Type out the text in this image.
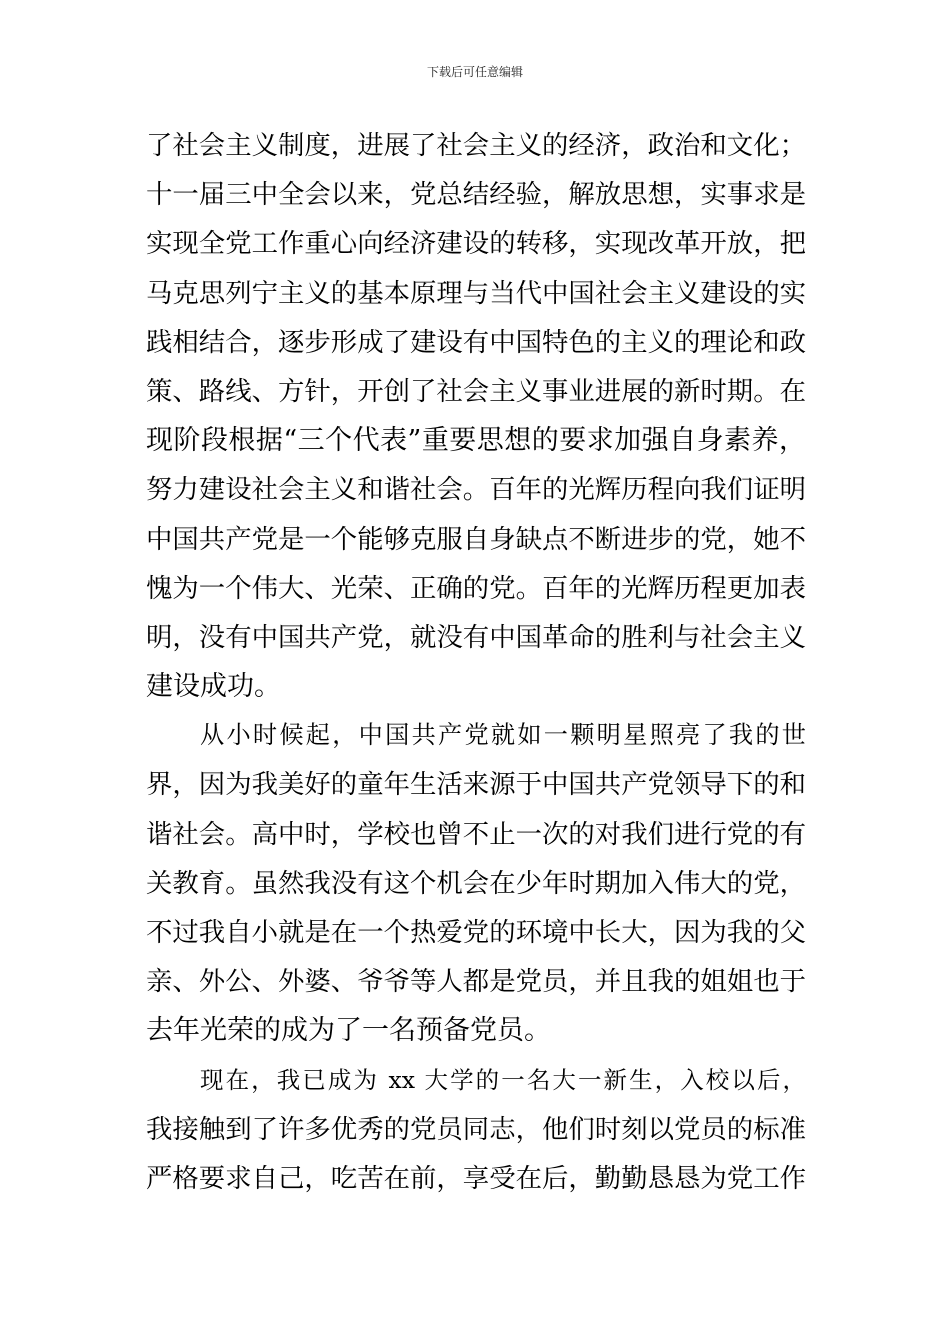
下载后可任意编辑
了社会主义制度，进展了社会主义的经济，政治和文化；
十一届三中全会以来，党总结经验，解放思想，实事求是
实现全党工作重心向经济建设的转移，实现改革开放，把
马克思列宁主义的基本原理与当代中国社会主义建设的实
践相结合，逐步形成了建设有中国特色的主义的理论和政
策、路线、方针，开创了社会主义事业进展的新时期。在
现阶段根据“三个代表”重要思想的要求加强自身素养，
努力建设社会主义和谐社会。百年的光辉历程向我们证明
中国共产党是一个能够克服自身缺点不断进步的党，她不
愧为一个伟大、光荣、正确的党。百年的光辉历程更加表
明，没有中国共产党，就没有中国革命的胜利与社会主义
建设成功。
从小时候起，中国共产党就如一颗明星照亮了我的世
界，因为我美好的童年生活来源于中国共产党领导下的和
谐社会。高中时，学校也曾不止一次的对我们进行党的有
关教育。虽然我没有这个机会在少年时期加入伟大的党，
不过我自小就是在一个热爱党的环境中长大，因为我的父
亲、外公、外婆、爷爷等人都是党员，并且我的姐姐也于
去年光荣的成为了一名预备党员。
现在，我已成为 xx 大学的一名大一新生，入校以后，
我接触到了许多优秀的党员同志，他们时刻以党员的标准
严格要求自己，吃苦在前，享受在后，勤勤恳恳为党工作
